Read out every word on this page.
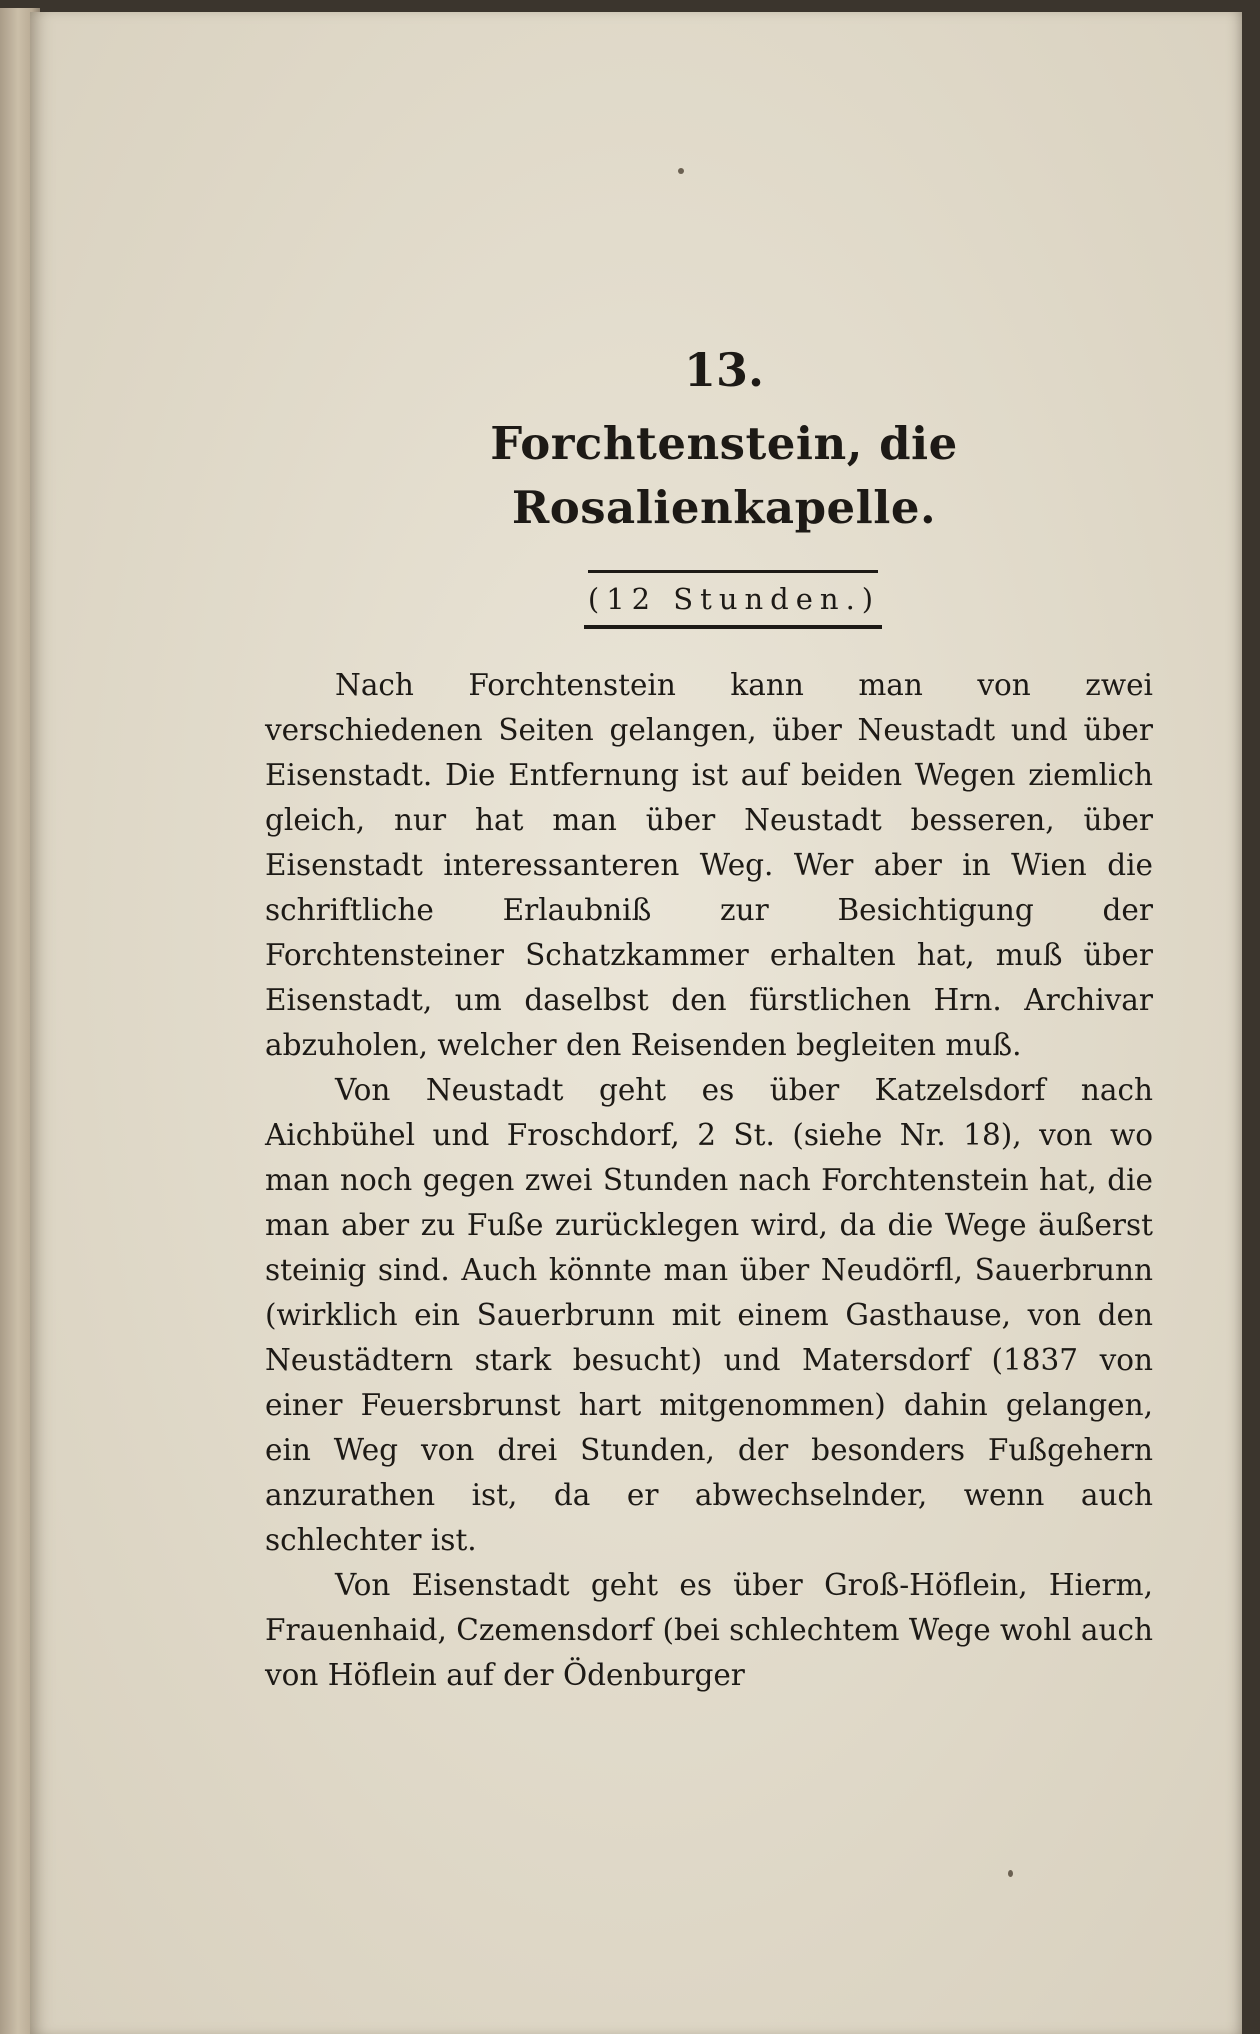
13.
Forchtenstein, die Rosalienkapelle.
(12 Stunden.)

Nach Forchtenstein kann man von zwei verschiedenen Seiten gelangen, über Neustadt und über Eisenstadt. Die Entfernung ist auf beiden Wegen ziemlich gleich, nur hat man über Neustadt besseren, über Eisenstadt interessanteren Weg. Wer aber in Wien die schriftliche Erlaubniß zur Besichtigung der Forchtensteiner Schatzkammer erhalten hat, muß über Eisenstadt, um daselbst den fürstlichen Hrn. Archivar abzuholen, welcher den Reisenden begleiten muß.

Von Neustadt geht es über Katzelsdorf nach Aichbühel und Froschdorf, 2 St. (siehe Nr. 18), von wo man noch gegen zwei Stunden nach Forchtenstein hat, die man aber zu Fuße zurücklegen wird, da die Wege äußerst steinig sind. Auch könnte man über Neudörfl, Sauerbrunn (wirklich ein Sauerbrunn mit einem Gasthause, von den Neustädtern stark besucht) und Matersdorf (1837 von einer Feuersbrunst hart mitgenommen) dahin gelangen, ein Weg von drei Stunden, der besonders Fußgehern anzurathen ist, da er abwechselnder, wenn auch schlechter ist.

Von Eisenstadt geht es über Groß-Höflein, Hierm, Frauenhaid, Czemensdorf (bei schlechtem Wege wohl auch von Höflein auf der Ödenburger
